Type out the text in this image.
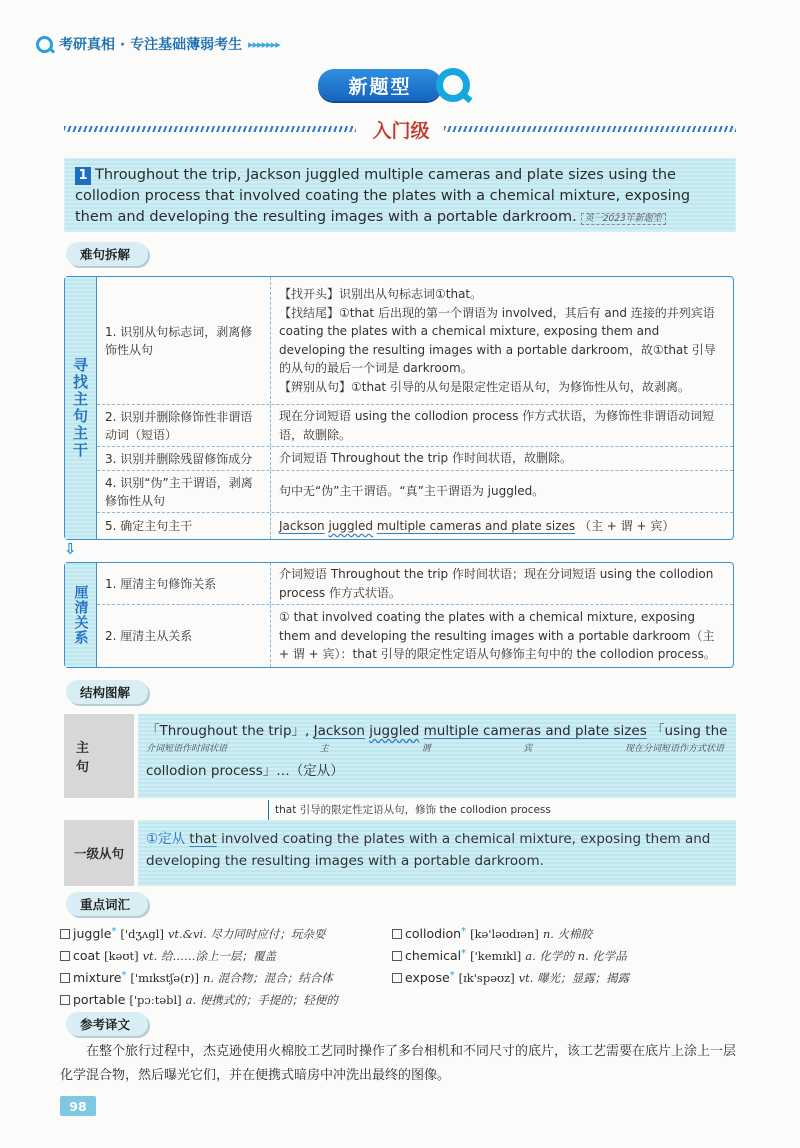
考研真相 · 专注基础薄弱考生 ▸▸▸▸▸▸▸
新题型
入门级
1 Throughout the trip, Jackson juggled multiple cameras and plate sizes using the collodion process that involved coating the plates with a chemical mixture, exposing them and developing the resulting images with a portable darkroom. 英一2023年新题型
难句拆解
寻找主句主干
1. 识别从句标志词，剥离修饰性从句
【找开头】识别出从句标志词①that。
【找结尾】①that 后出现的第一个谓语为 involved，其后有 and 连接的并列宾语 coating the plates with a chemical mixture, exposing them and developing the resulting images with a portable darkroom，故①that 引导的从句的最后一个词是 darkroom。
【辨别从句】①that 引导的从句是限定性定语从句，为修饰性从句，故剥离。
2. 识别并删除修饰性非谓语动词（短语）
现在分词短语 using the collodion process 作方式状语，为修饰性非谓语动词短语，故删除。
3. 识别并删除残留修饰成分	介词短语 Throughout the trip 作时间状语，故删除。
4. 识别“伪”主干谓语，剥离修饰性从句
句中无“伪”主干谓语。“真”主干谓语为 juggled。
5. 确定主句主干	Jackson juggled multiple cameras and plate sizes （主 + 谓 + 宾）
⇩
厘清关系
1. 厘清主句修饰关系
介词短语 Throughout the trip 作时间状语；现在分词短语 using the collodion process 作方式状语。
2. 厘清主从关系
① that involved coating the plates with a chemical mixture, exposing them and developing the resulting images with a portable darkroom（主 + 谓 + 宾）：that 引导的限定性定语从句修饰主句中的 the collodion process。
结构图解
主　句
「Throughout the trip」, Jackson juggled multiple cameras and plate sizes 「using the
介词短语作时间状语	主	谓	宾	现在分词短语作方式状语
collodion process」…（定从）
that 引导的限定性定语从句，修饰 the collodion process
一级从句
①定从 that involved coating the plates with a chemical mixture, exposing them and developing the resulting images with a portable darkroom.
重点词汇
juggle* ['dʒʌgl] vt.&vi. 尽力同时应付；玩杂耍
coat [kəʊt] vt. 给……涂上一层；覆盖
mixture* ['mɪkstʃə(r)] n. 混合物；混合；结合体
portable ['pɔːtəbl] a. 便携式的；手提的；轻便的
collodion* [kə'ləʊdɪən] n. 火棉胶
chemical* ['kemɪkl] a. 化学的 n. 化学品
expose* [ɪk'spəʊz] vt. 曝光；显露；揭露
参考译文
在整个旅行过程中，杰克逊使用火棉胶工艺同时操作了多台相机和不同尺寸的底片，该工艺需要在底片上涂上一层化学混合物，然后曝光它们，并在便携式暗房中冲洗出最终的图像。
98
